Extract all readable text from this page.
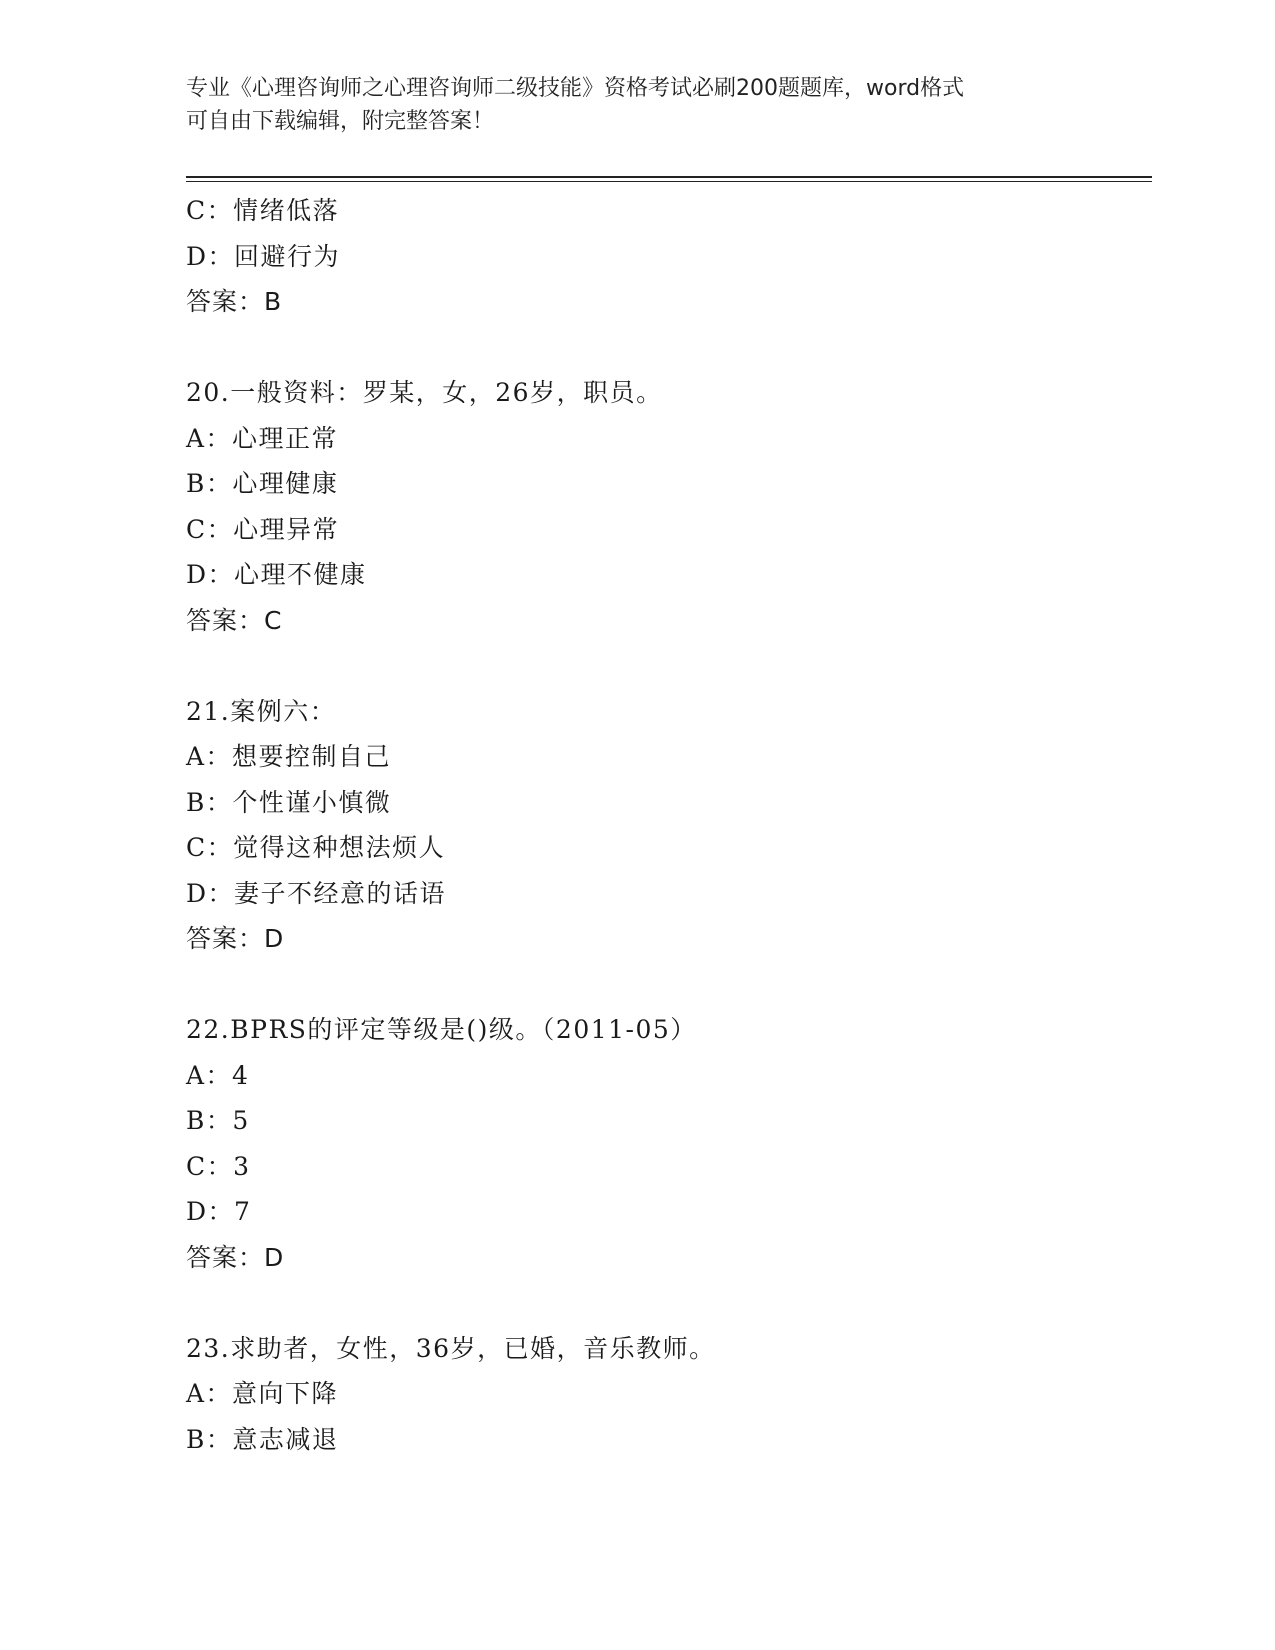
专业《心理咨询师之心理咨询师二级技能》资格考试必刷200题题库，word格式

可自由下载编辑，附完整答案！

C：情绪低落
D：回避行为
答案：B
20.一般资料：罗某，女，26岁，职员。
A：心理正常
B：心理健康
C：心理异常
D：心理不健康
答案：C
21.案例六：
A：想要控制自己
B：个性谨小慎微
C：觉得这种想法烦人
D：妻子不经意的话语
答案：D
22.BPRS的评定等级是()级。（2011-05）
A：4
B：5
C：3
D：7
答案：D
23.求助者，女性，36岁，已婚，音乐教师。
A：意向下降
B：意志减退
